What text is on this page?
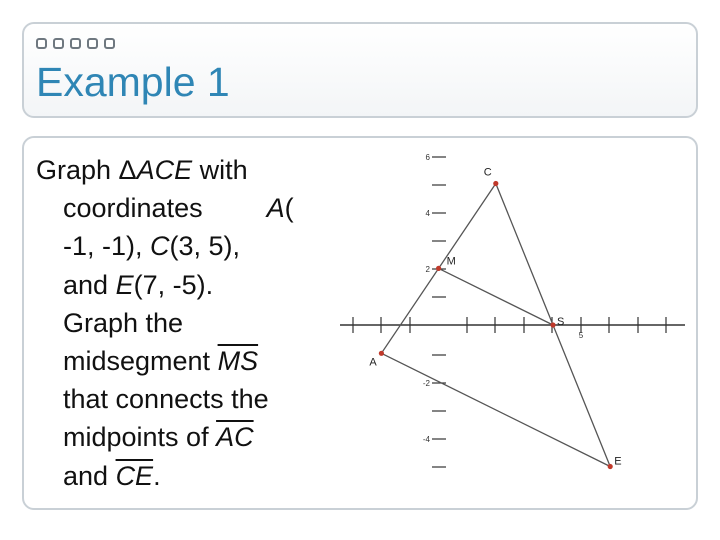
Example 1
Graph ΔACE with
coordinates A(
-1, -1), C(3, 5),
and E(7, -5).
Graph the
midsegment $\overline{MS}$
that connects the
midpoints of $\overline{AC}$
and $\overline{CE}$.
6
4
2
-2
-4
5
A
C
E
M
S
